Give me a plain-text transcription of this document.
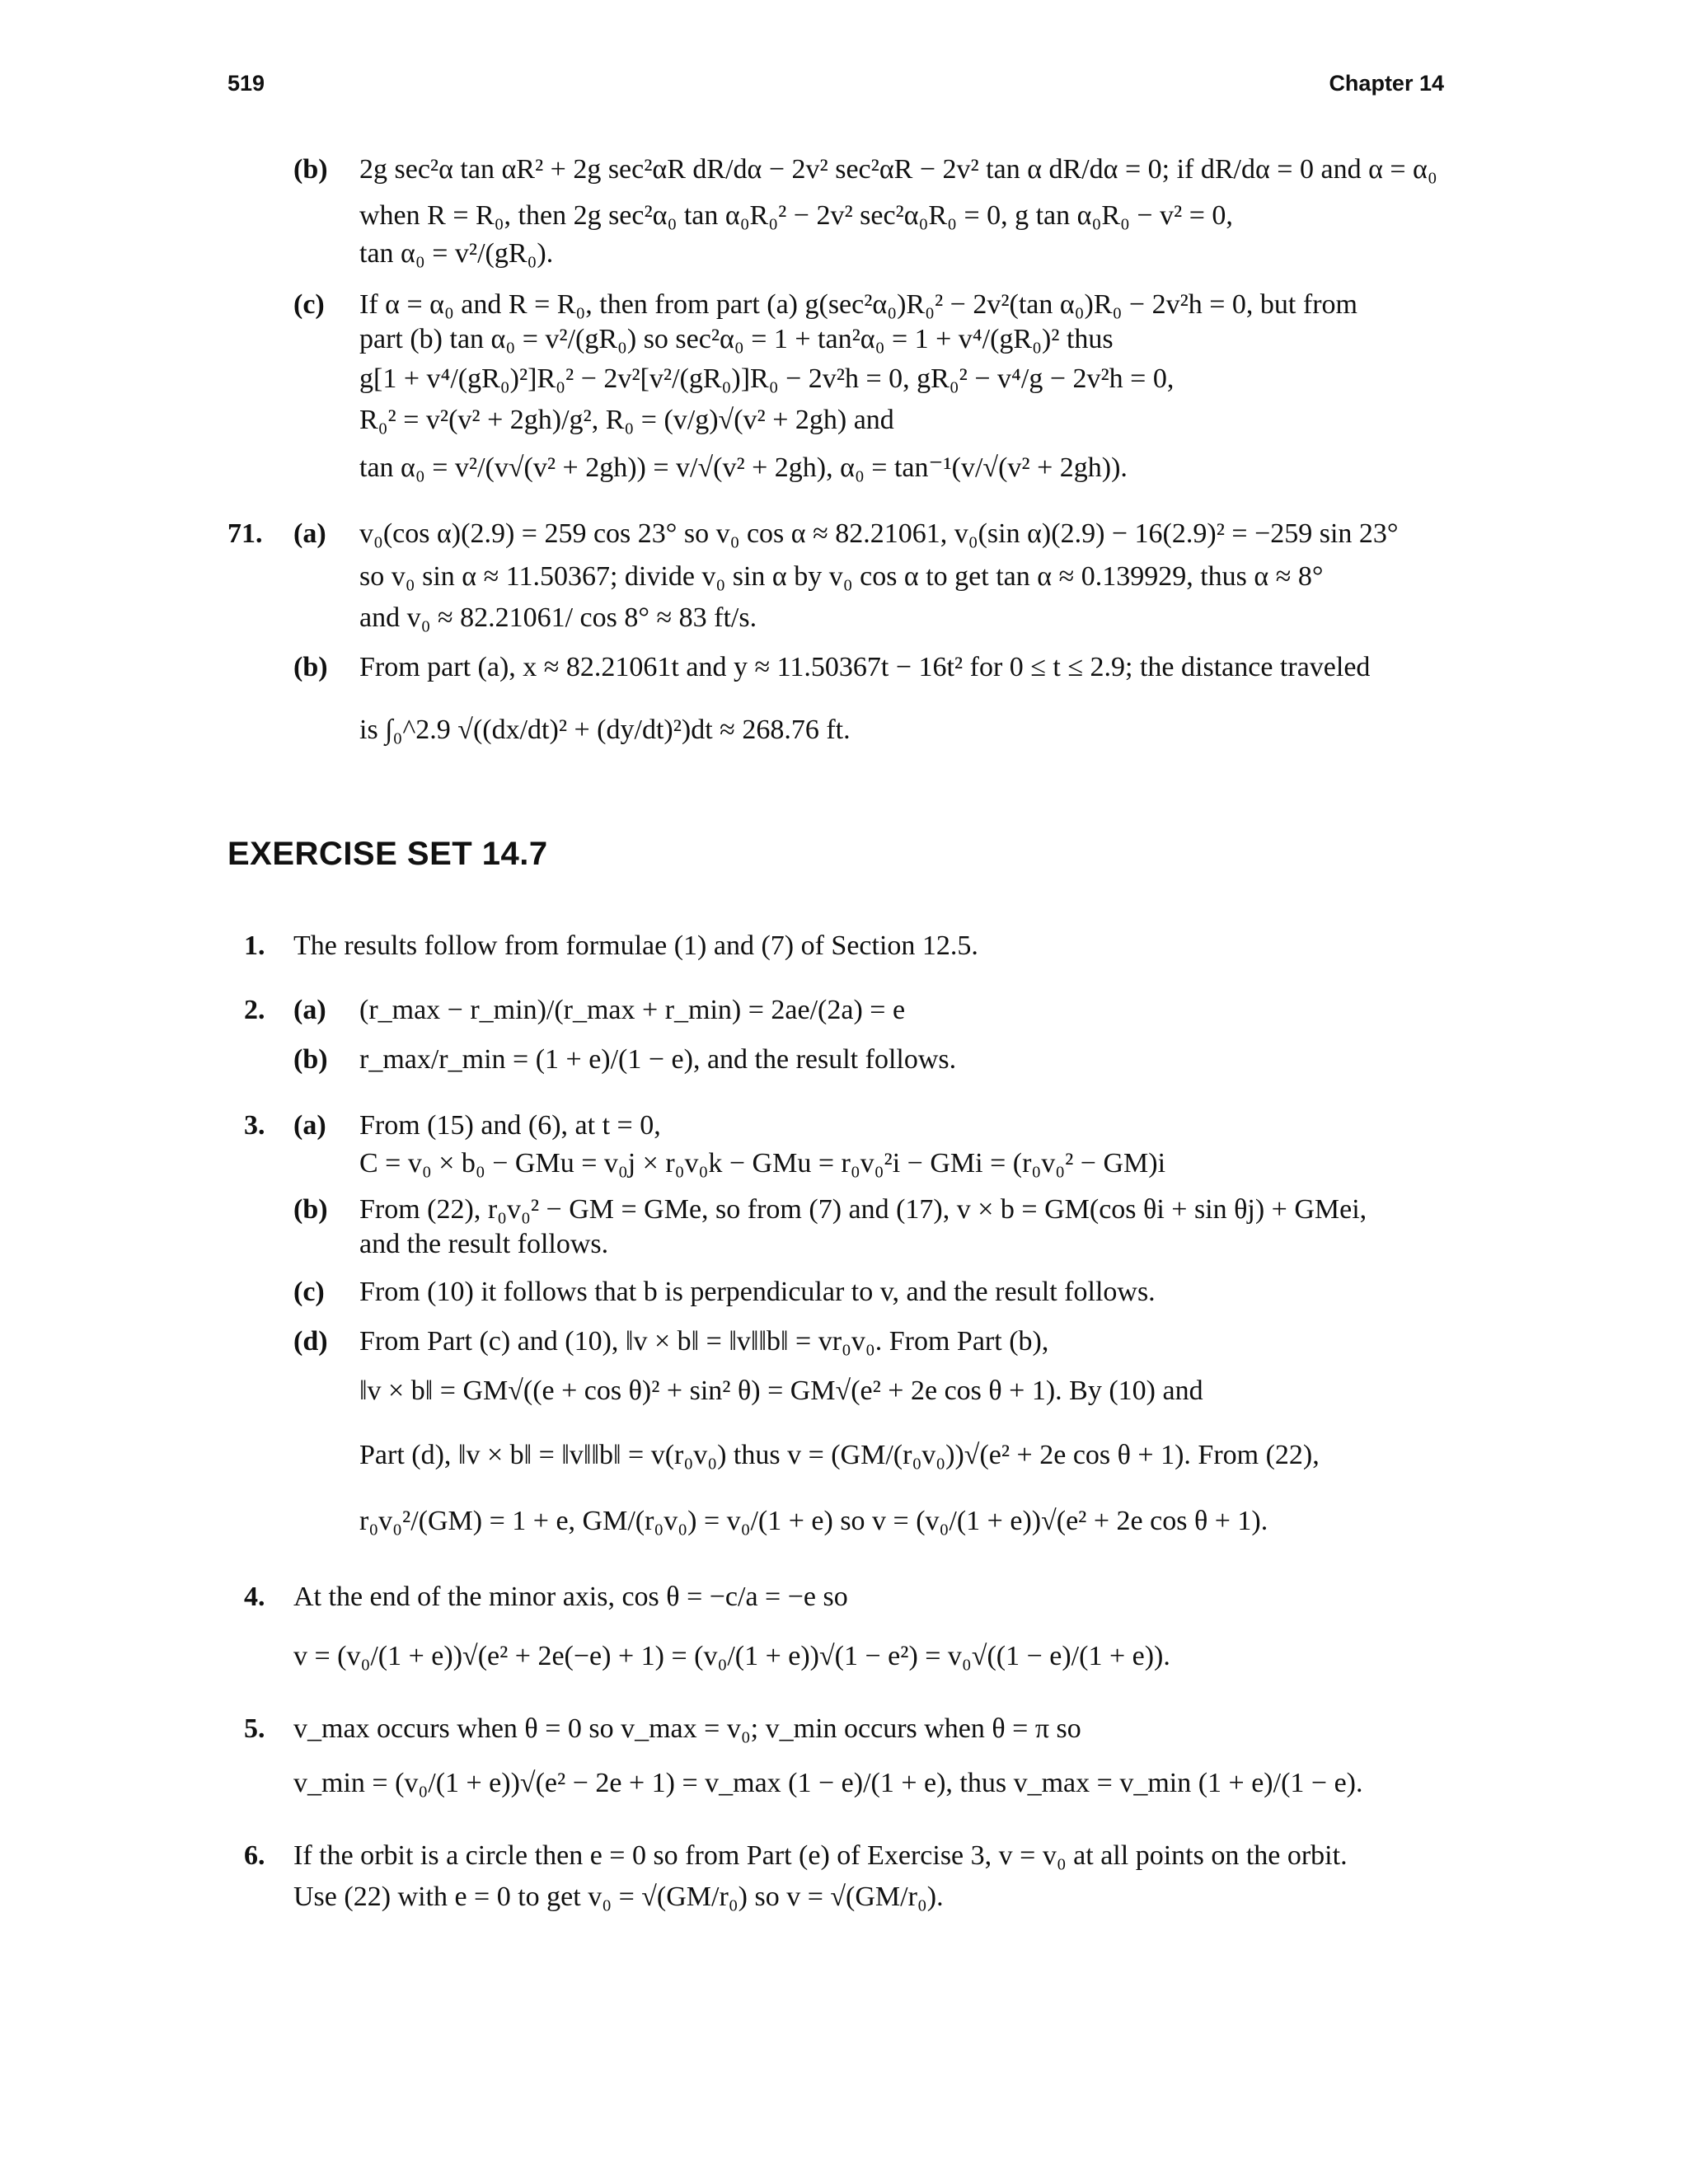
519	Chapter 14
(b) 2g sec²α tan αR² + 2g sec²αR dR/dα − 2v² sec²αR − 2v² tan α dR/dα = 0; if dR/dα = 0 and α = α₀
when R = R₀, then 2g sec²α₀ tan α₀R₀² − 2v² sec²α₀R₀ = 0, g tan α₀R₀ − v² = 0,
tan α₀ = v²/(gR₀).
(c) If α = α₀ and R = R₀, then from part (a) g(sec²α₀)R₀² − 2v²(tan α₀)R₀ − 2v²h = 0, but from
part (b) tan α₀ = v²/(gR₀) so sec²α₀ = 1 + tan²α₀ = 1 + v⁴/(gR₀)² thus
g[1 + v⁴/(gR₀)²]R₀² − 2v²[v²/(gR₀)]R₀ − 2v²h = 0, gR₀² − v⁴/g − 2v²h = 0,
R₀² = v²(v² + 2gh)/g², R₀ = (v/g)√(v² + 2gh) and
tan α₀ = v²/(v√(v² + 2gh)) = v/√(v² + 2gh), α₀ = tan⁻¹(v/√(v² + 2gh)).
71. (a) v₀(cos α)(2.9) = 259 cos 23° so v₀ cos α ≈ 82.21061, v₀(sin α)(2.9) − 16(2.9)² = −259 sin 23°
so v₀ sin α ≈ 11.50367; divide v₀ sin α by v₀ cos α to get tan α ≈ 0.139929, thus α ≈ 8°
and v₀ ≈ 82.21061/ cos 8° ≈ 83 ft/s.
(b) From part (a), x ≈ 82.21061t and y ≈ 11.50367t − 16t² for 0 ≤ t ≤ 2.9; the distance traveled
is ∫₀^2.9 √((dx/dt)² + (dy/dt)²)dt ≈ 268.76 ft.
EXERCISE SET 14.7
1. The results follow from formulae (1) and (7) of Section 12.5.
2. (a) (r_max − r_min)/(r_max + r_min) = 2ae/(2a) = e
(b) r_max/r_min = (1 + e)/(1 − e), and the result follows.
3. (a) From (15) and (6), at t = 0,
C = v₀ × b₀ − GMu = v₀j × r₀v₀k − GMu = r₀v₀²i − GMi = (r₀v₀² − GM)i
(b) From (22), r₀v₀² − GM = GMe, so from (7) and (17), v × b = GM(cos θi + sin θj) + GMei,
and the result follows.
(c) From (10) it follows that b is perpendicular to v, and the result follows.
(d) From Part (c) and (10), ‖v × b‖ = ‖v‖‖b‖ = vr₀v₀. From Part (b),
‖v × b‖ = GM√((e + cos θ)² + sin² θ) = GM√(e² + 2e cos θ + 1). By (10) and
Part (d), ‖v × b‖ = ‖v‖‖b‖ = v(r₀v₀) thus v = (GM/(r₀v₀))√(e² + 2e cos θ + 1). From (22),
r₀v₀²/(GM) = 1 + e, GM/(r₀v₀) = v₀/(1 + e) so v = (v₀/(1 + e))√(e² + 2e cos θ + 1).
4. At the end of the minor axis, cos θ = −c/a = −e so
v = (v₀/(1 + e))√(e² + 2e(−e) + 1) = (v₀/(1 + e))√(1 − e²) = v₀√((1 − e)/(1 + e)).
5. v_max occurs when θ = 0 so v_max = v₀; v_min occurs when θ = π so
v_min = (v₀/(1 + e))√(e² − 2e + 1) = v_max (1 − e)/(1 + e), thus v_max = v_min (1 + e)/(1 − e).
6. If the orbit is a circle then e = 0 so from Part (e) of Exercise 3, v = v₀ at all points on the orbit.
Use (22) with e = 0 to get v₀ = √(GM/r₀) so v = √(GM/r₀).
